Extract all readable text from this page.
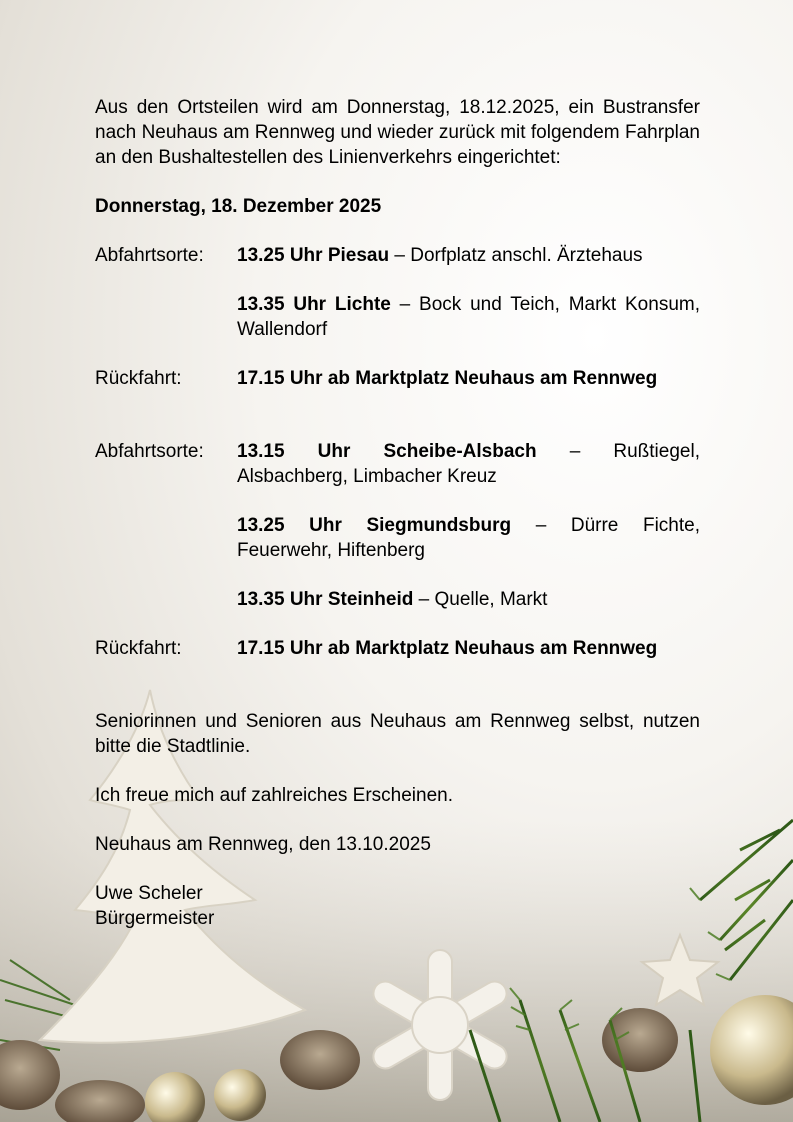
Aus den Ortsteilen wird am Donnerstag, 18.12.2025, ein Bustransfer nach Neuhaus am Rennweg und wieder zurück mit folgendem Fahrplan an den Bushaltestellen des Linienverkehrs eingerichtet:

Donnerstag, 18. Dezember 2025
Abfahrtsorte:	13.25 Uhr Piesau – Dorfplatz anschl. Ärztehaus
13.35 Uhr Lichte – Bock und Teich, Markt Konsum, Wallendorf
Rückfahrt:	17.15 Uhr ab Marktplatz Neuhaus am Rennweg
Abfahrtsorte:	13.15 Uhr Scheibe-Alsbach – Rußtiegel, Alsbachberg, Limbacher Kreuz
13.25 Uhr Siegmundsburg – Dürre Fichte, Feuerwehr, Hiftenberg
13.35 Uhr Steinheid – Quelle, Markt
Rückfahrt:	17.15 Uhr ab Marktplatz Neuhaus am Rennweg

Seniorinnen und Senioren aus Neuhaus am Rennweg selbst, nutzen bitte die Stadtlinie.

Ich freue mich auf zahlreiches Erscheinen.

Neuhaus am Rennweg, den 13.10.2025

Uwe Scheler
Bürgermeister
